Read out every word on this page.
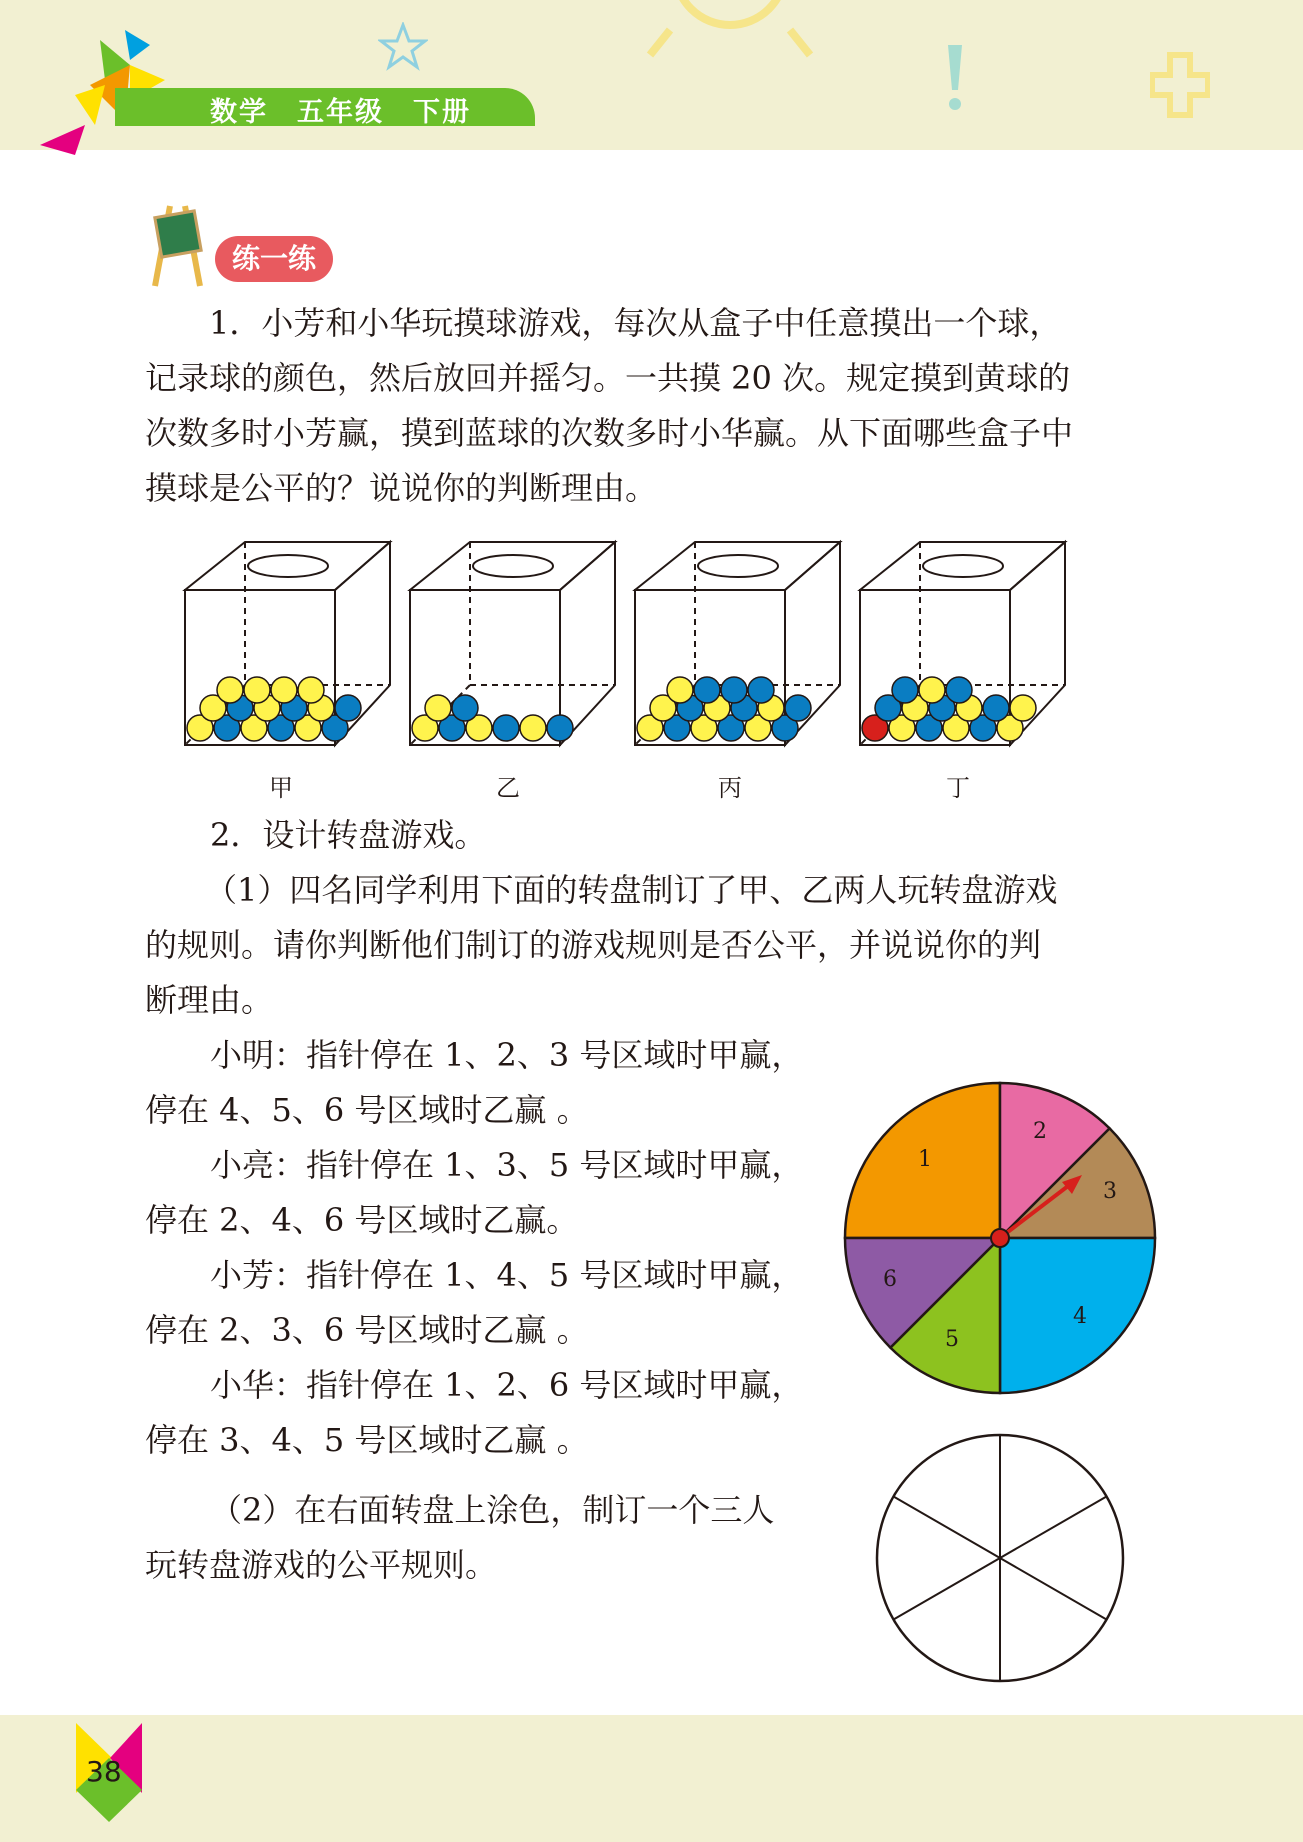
数学　五年级　下册
练一练
1．小芳和小华玩摸球游戏，每次从盒子中任意摸出一个球，
记录球的颜色，然后放回并摇匀。一共摸 20 次。规定摸到黄球的
次数多时小芳赢，摸到蓝球的次数多时小华赢。从下面哪些盒子中
摸球是公平的？说说你的判断理由。
甲	乙	丙	丁
2．设计转盘游戏。
（1）四名同学利用下面的转盘制订了甲、乙两人玩转盘游戏
的规则。请你判断他们制订的游戏规则是否公平，并说说你的判
断理由。
小明：指针停在 1、2、3 号区域时甲赢，
停在 4、5、6 号区域时乙赢 。
小亮：指针停在 1、3、5 号区域时甲赢，
停在 2、4、6 号区域时乙赢。
小芳：指针停在 1、4、5 号区域时甲赢，
停在 2、3、6 号区域时乙赢 。
小华：指针停在 1、2、6 号区域时甲赢，
停在 3、4、5 号区域时乙赢 。
（2）在右面转盘上涂色，制订一个三人
玩转盘游戏的公平规则。
1
2
3
4
5
6
38
